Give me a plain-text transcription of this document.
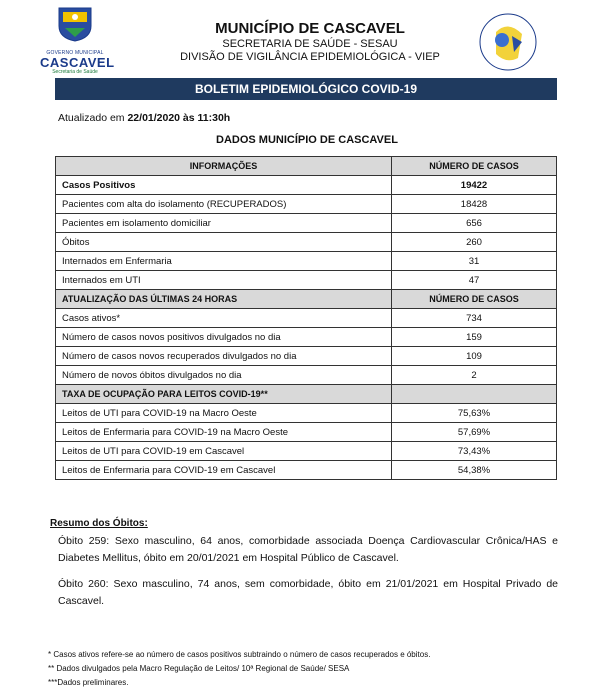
GOVERNO MUNICIPAL
CASCAVEL
Secretaria de Saúde
MUNICÍPIO DE CASCAVEL
SECRETARIA DE SAÚDE - SESAU
DIVISÃO DE VIGILÂNCIA EPIDEMIOLÓGICA - VIEP
BOLETIM EPIDEMIOLÓGICO COVID-19
Atualizado em 22/01/2020 às 11:30h
DADOS MUNICÍPIO DE CASCAVEL
INFORMAÇÕES	NÚMERO DE CASOS
Casos Positivos	19422
Pacientes com alta do isolamento (RECUPERADOS)	18428
Pacientes em isolamento domiciliar	656
Óbitos	260
Internados em Enfermaria	31
Internados em UTI	47
ATUALIZAÇÃO DAS ÚLTIMAS 24 HORAS	NÚMERO DE CASOS
Casos ativos*	734
Número de casos novos positivos divulgados no dia	159
Número de casos novos recuperados divulgados no dia	109
Número de novos óbitos divulgados no dia	2
TAXA DE OCUPAÇÃO PARA LEITOS COVID-19**	
Leitos de UTI para COVID-19 na Macro Oeste	75,63%
Leitos de Enfermaria para COVID-19 na Macro Oeste	57,69%
Leitos de UTI para COVID-19 em Cascavel	73,43%
Leitos de Enfermaria para COVID-19 em Cascavel	54,38%
Resumo dos Óbitos:
Óbito 259: Sexo masculino, 64 anos, comorbidade associada Doença Cardiovascular Crônica/HAS e Diabetes Mellitus, óbito em 20/01/2021 em Hospital Público de Cascavel.
Óbito 260: Sexo masculino, 74 anos, sem comorbidade, óbito em 21/01/2021 em Hospital Privado de Cascavel.
* Casos ativos refere-se ao número de casos positivos subtraindo o número de casos recuperados e óbitos.
** Dados divulgados pela Macro Regulação de Leitos/ 10ª Regional de Saúde/ SESA
***Dados preliminares.
